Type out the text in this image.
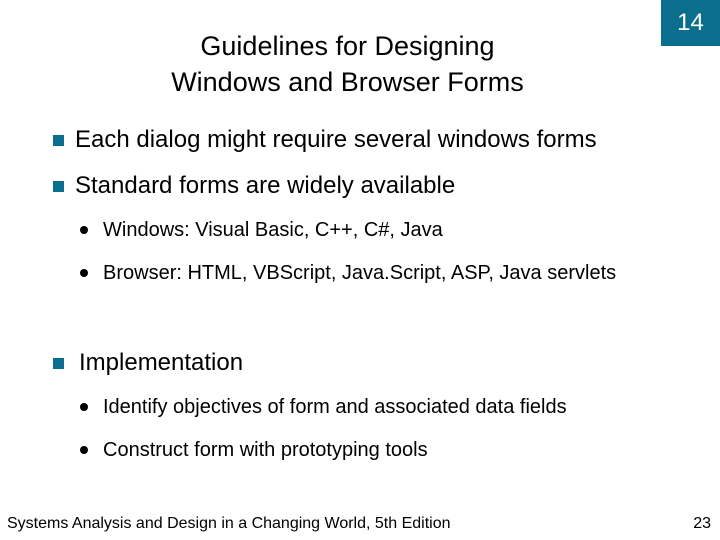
Guidelines for Designing
Windows and Browser Forms
14
Each dialog might require several windows forms
Standard forms are widely available
Windows: Visual Basic, C++, C#, Java
Browser: HTML, VBScript, Java.Script, ASP, Java servlets
Implementation
Identify objectives of form and associated data fields
Construct form with prototyping tools
Systems Analysis and Design in a Changing World, 5th Edition	23
